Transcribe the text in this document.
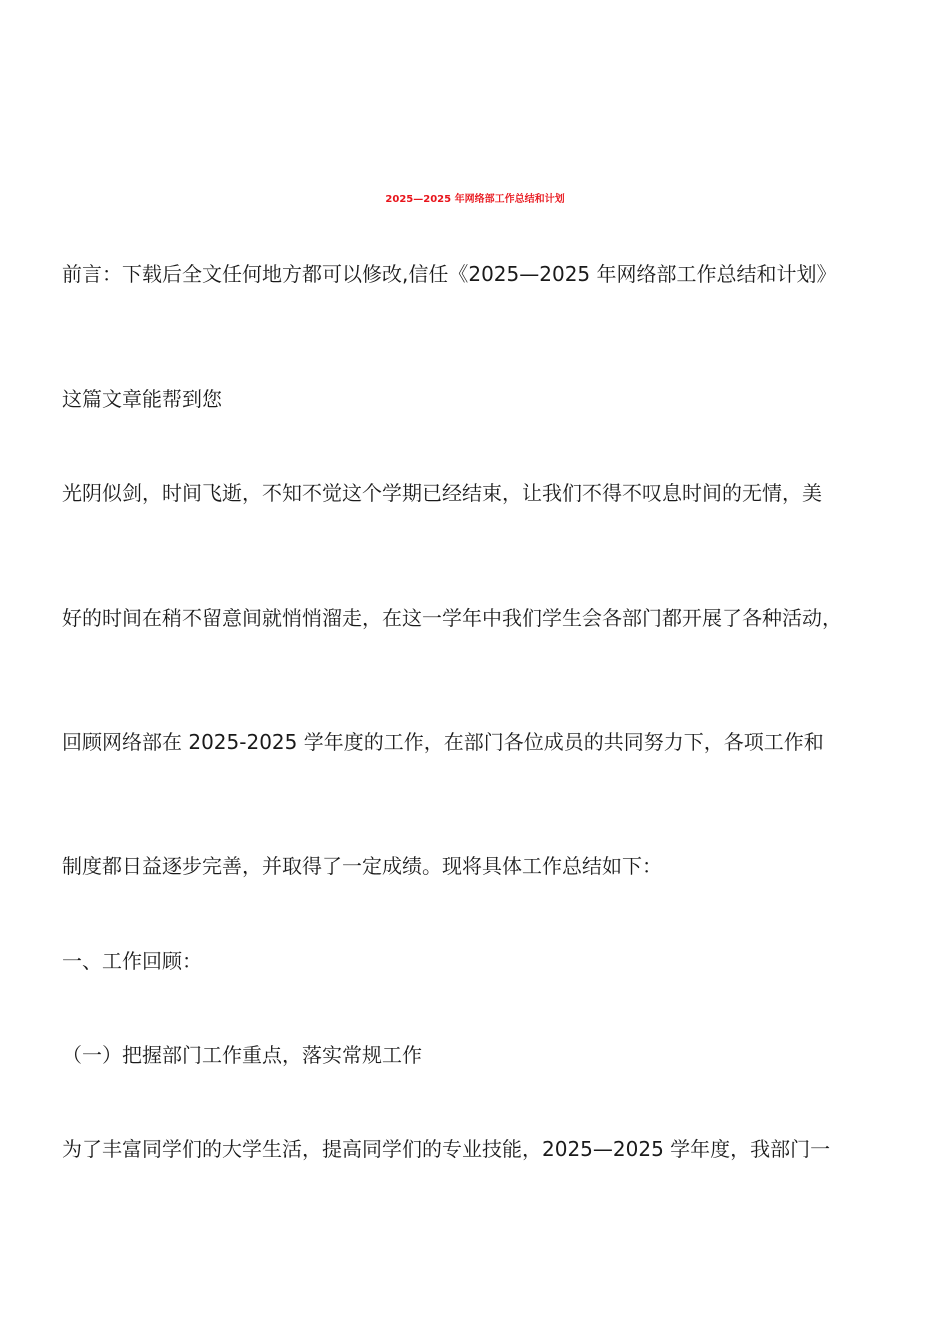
2025—2025 年网络部工作总结和计划
前言：下载后全文任何地方都可以修改,信任《2025—2025 年网络部工作总结和计划》
这篇文章能帮到您
光阴似剑，时间飞逝，不知不觉这个学期已经结束，让我们不得不叹息时间的无情，美
好的时间在稍不留意间就悄悄溜走，在这一学年中我们学生会各部门都开展了各种活动，
回顾网络部在 2025-2025 学年度的工作，在部门各位成员的共同努力下，各项工作和
制度都日益逐步完善，并取得了一定成绩。现将具体工作总结如下：
一、工作回顾：
（一）把握部门工作重点，落实常规工作
为了丰富同学们的大学生活，提高同学们的专业技能，2025—2025 学年度，我部门一
